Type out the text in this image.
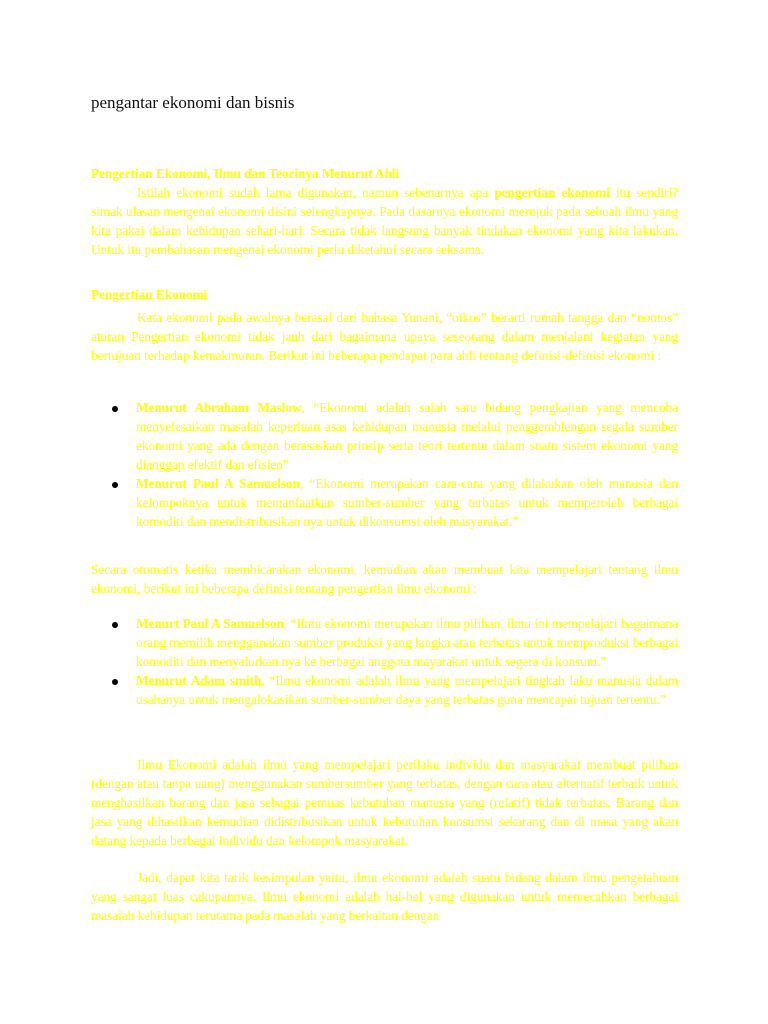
pengantar ekonomi dan bisnis

Pengertian Ekonomi, Ilmu dan Teorinya Menurut Ahli

Istilah ekonomi sudah lama digunakan, namun sebenarnya apa pengertian ekonomi itu sendiri? simak ulasan mengenai ekonomi disini selengkapnya. Pada dasarnya ekonomi merujuk pada sebuah ilmu yang kita pakai dalam kehidupan sehari-hari. Secara tidak langsung banyak tindakan ekonomi yang kita lakukan. Untuk itu pembahasan mengenai ekonomi perlu diketahui secara seksama.

Pengertian Ekonomi

Kata ekonomi pada awalnya berasal dari bahasa Yunani, “oikos” berarti rumah tangga dan “nomos” aturan Pengertian ekonomi tidak jauh dari bagaimana upaya seseorang dalam menjalani kegiatan yang bertujuan terhadap kemakmuran. Berikut ini beberapa pendapat para ahli tentang definisi-definisi ekonomi :

Menurut Abraham Maslow, “Ekonomi adalah salah satu bidang pengkajian yang mencoba menyelesaikan masalah keperluan asas kehidupan manusia melalui penggemblengan segala sumber ekonomi yang ada dengan berasaskan prinsip serta teori tertentu dalam suatu sistem ekonomi yang dianggap efektif dan efisien”
Menurut Paul A Samuelson, “Ekonomi merupakan cara-cara yang dilakukan oleh manusia dan kelompoknya untuk memanfaatkan sumber-sumber yang terbatas untuk memperoleh berbagai komoditi dan mendistribusikan nya untuk dikonsumsi oleh masyarakat.”

Secara otomatis ketika membicarakan ekonomi, kemudian akan membuat kita mempelajari tentang ilmu ekonomi, berikut ini beberapa definisi tentang pengertian ilmu ekonomi :

Menurt Paul A Samuelson, “Ilmu ekonomi merupakan ilmu pilihan, ilmu ini mempelajari bagaimana orang memilih menggunakan sumber produksi yang langka atau terbatas untuk memproduksi berbagai komoditi dan menyalurkan nya ke berbagai anggota mayarakat untuk segera di konsum.”
Menurut Adam smith, “Ilmu ekonomi adalah ilmu yang mempelajari tingkah laku manusia dalam usahanya untuk mengalokasikan sumber-sumber daya yang terbatas guna mencapai tujuan tertentu.”

Ilmu Ekonomi adalah ilmu yang mempelajari perilaku individu dan masyarakat membuat pilihan (dengan atau tanpa uang) menggunakan sumbersumber yang terbatas, dengan cara atau alternatif terbaik untuk menghasilkan barang dan jasa sebagai pemuas kebutuhan manusia yang (relatif) tidak terbatas. Barang dan jasa yang dihasilkan kemudian didistribusikan untuk kebutuhan konsumsi sekarang dan di masa yang akan datang kepada berbagai individu dan kelompok masyarakat.

Jadi, dapat kita tarik kesimpulan yaitu, ilmu ekonomi adalah suatu bidang dalam ilmu pengetahuan yang sangat luas cakupannya. Ilmu ekonomi adalah hal-hal yang digunakan untuk memecahkan berbagai masalah kehidupan terutama pada masalah yang berkaitan dengan
